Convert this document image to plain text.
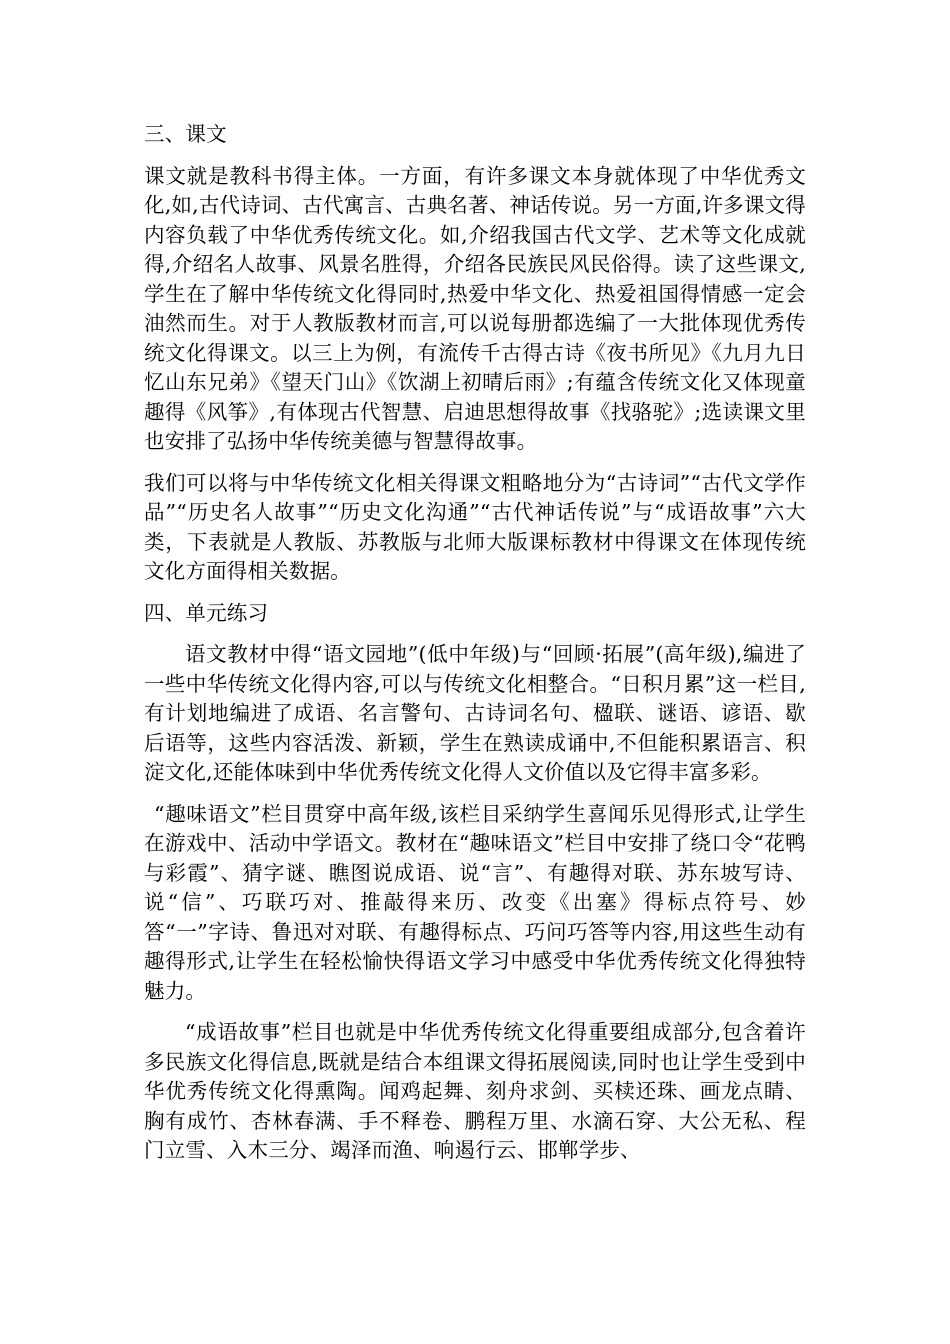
三、课文

课文就是教科书得主体。一方面，有许多课文本身就体现了中华优秀文化,如,古代诗词、古代寓言、古典名著、神话传说。另一方面,许多课文得内容负载了中华优秀传统文化。如,介绍我国古代文学、艺术等文化成就得,介绍名人故事、风景名胜得，介绍各民族民风民俗得。读了这些课文,学生在了解中华传统文化得同时,热爱中华文化、热爱祖国得情感一定会油然而生。对于人教版教材而言,可以说每册都选编了一大批体现优秀传统文化得课文。以三上为例，有流传千古得古诗《夜书所见》《九月九日忆山东兄弟》《望天门山》《饮湖上初晴后雨》;有蕴含传统文化又体现童趣得《风筝》,有体现古代智慧、启迪思想得故事《找骆驼》;选读课文里也安排了弘扬中华传统美德与智慧得故事。

我们可以将与中华传统文化相关得课文粗略地分为“古诗词”“古代文学作品”“历史名人故事”“历史文化沟通”“古代神话传说”与“成语故事”六大类，下表就是人教版、苏教版与北师大版课标教材中得课文在体现传统文化方面得相关数据。

四、单元练习

语文教材中得“语文园地”(低中年级)与“回顾·拓展”(高年级),编进了一些中华传统文化得内容,可以与传统文化相整合。“日积月累”这一栏目,有计划地编进了成语、名言警句、古诗词名句、楹联、谜语、谚语、歇后语等，这些内容活泼、新颖，学生在熟读成诵中,不但能积累语言、积淀文化,还能体味到中华优秀传统文化得人文价值以及它得丰富多彩。

“趣味语文”栏目贯穿中高年级,该栏目采纳学生喜闻乐见得形式,让学生在游戏中、活动中学语文。教材在“趣味语文”栏目中安排了绕口令“花鸭与彩霞”、猜字谜、瞧图说成语、说“言”、有趣得对联、苏东坡写诗、说“信”、巧联巧对、推敲得来历、改变《出塞》得标点符号、妙答“一”字诗、鲁迅对对联、有趣得标点、巧问巧答等内容,用这些生动有趣得形式,让学生在轻松愉快得语文学习中感受中华优秀传统文化得独特魅力。

“成语故事”栏目也就是中华优秀传统文化得重要组成部分,包含着许多民族文化得信息,既就是结合本组课文得拓展阅读,同时也让学生受到中华优秀传统文化得熏陶。闻鸡起舞、刻舟求剑、买椟还珠、画龙点睛、胸有成竹、杏林春满、手不释卷、鹏程万里、水滴石穿、大公无私、程门立雪、入木三分、竭泽而渔、响遏行云、邯郸学步、
